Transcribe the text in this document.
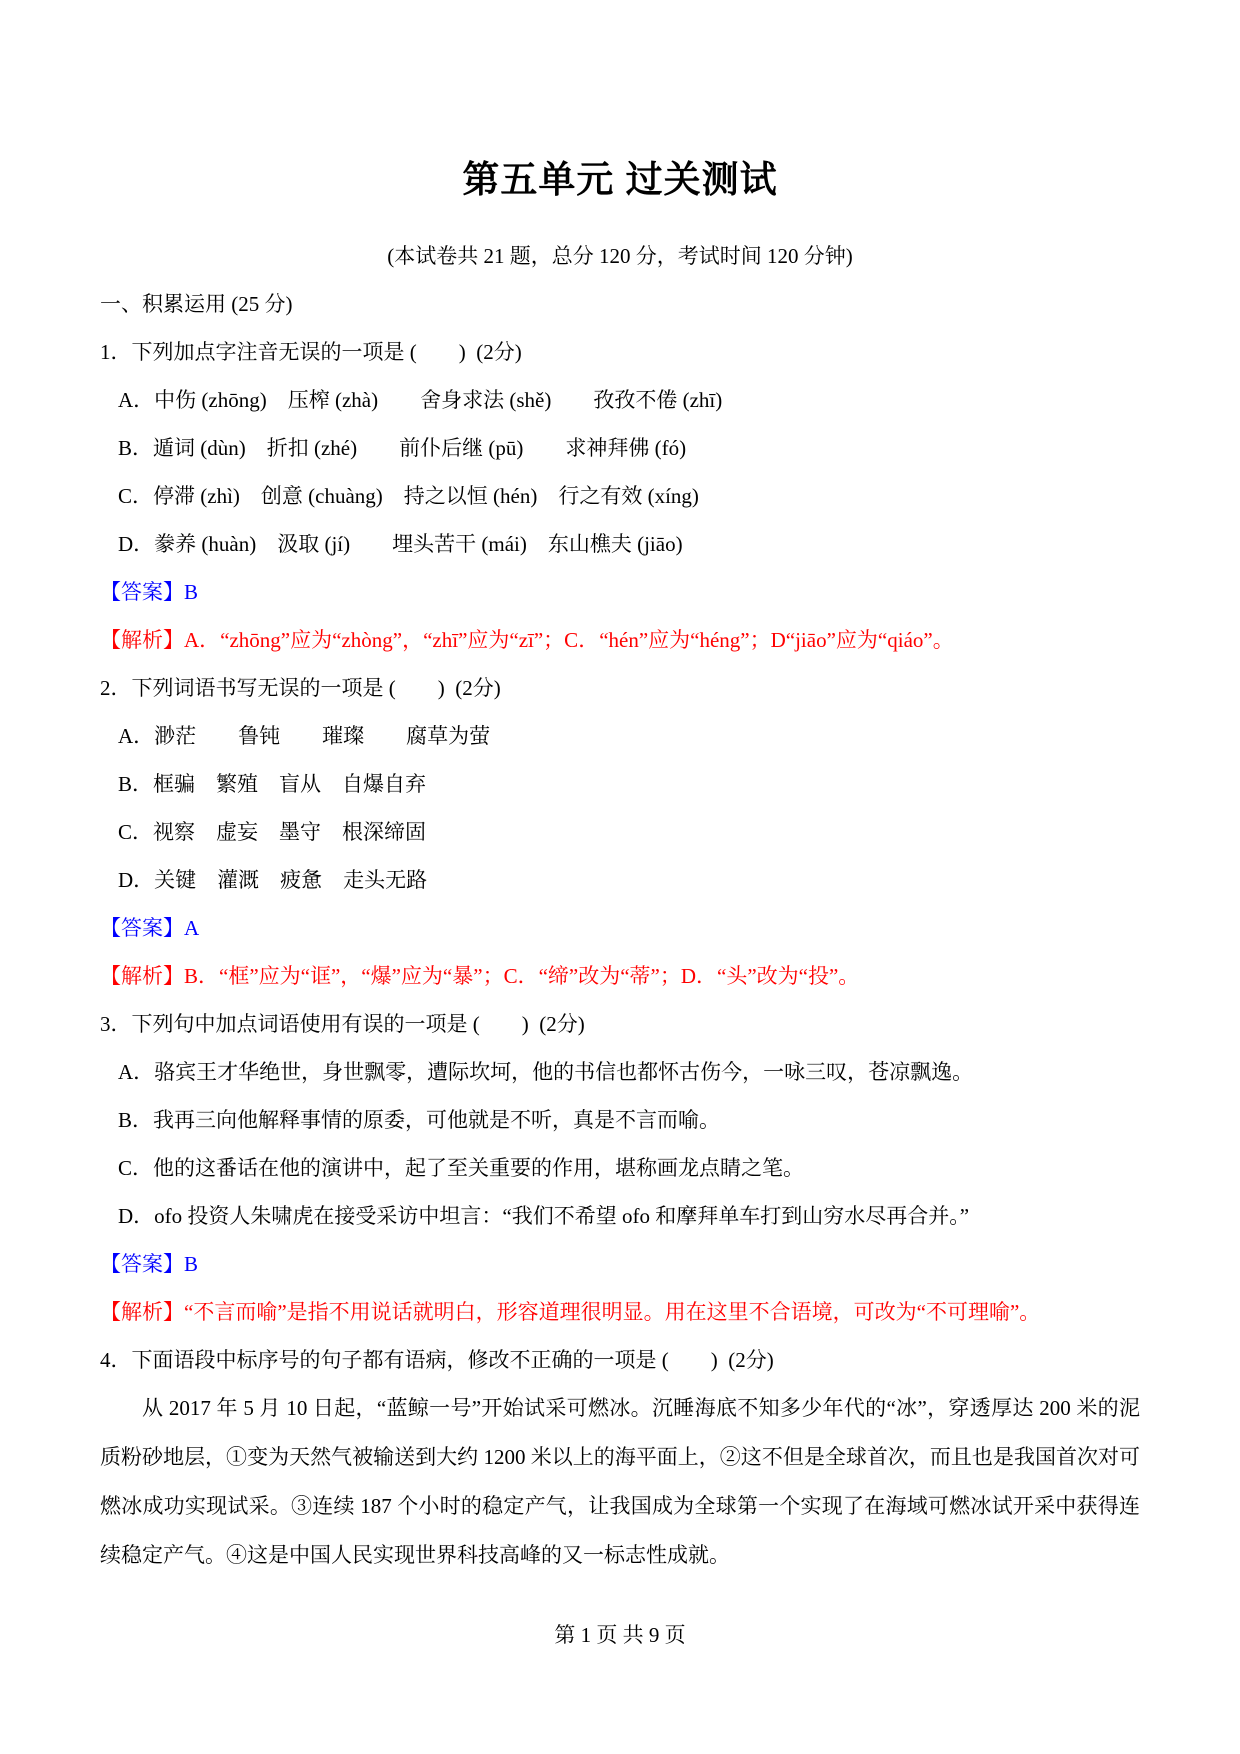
第五单元 过关测试

(本试卷共 21 题，总分 120 分，考试时间 120 分钟)

一、积累运用 (25 分)

1．下列加点字注音无误的一项是 (　　)  (2分)

A．中伤 (zhōng)　压榨 (zhà)　　舍身求法 (shě)　　孜孜不倦 (zhī)

B．遁词 (dùn)　折扣 (zhé)　　前仆后继 (pū)　　求神拜佛 (fó)

C．停滞 (zhì)　创意 (chuàng)　持之以恒 (hén)　行之有效 (xíng)

D．豢养 (huàn)　汲取 (jí)　　埋头苦干 (mái)　东山樵夫 (jiāo)

【答案】B

【解析】A．“zhōng”应为“zhòng”，“zhī”应为“zī”；C．“hén”应为“héng”；D“jiāo”应为“qiáo”。

2．下列词语书写无误的一项是 (　　)  (2分)

A．渺茫　　鲁钝　　璀璨　　腐草为萤

B．框骗　繁殖　盲从　自爆自弃

C．视察　虚妄　墨守　根深缔固

D．关键　灌溉　疲惫　走头无路

【答案】A

【解析】B．“框”应为“诓”，“爆”应为“暴”；C．“缔”改为“蒂”；D．“头”改为“投”。

3．下列句中加点词语使用有误的一项是 (　　)  (2分)

A．骆宾王才华绝世，身世飘零，遭际坎坷，他的书信也都怀古伤今，一咏三叹，苍凉飘逸。

B．我再三向他解释事情的原委，可他就是不听，真是不言而喻。

C．他的这番话在他的演讲中，起了至关重要的作用，堪称画龙点睛之笔。

D．ofo 投资人朱啸虎在接受采访中坦言：“我们不希望 ofo 和摩拜单车打到山穷水尽再合并。”

【答案】B

【解析】“不言而喻”是指不用说话就明白，形容道理很明显。用在这里不合语境，可改为“不可理喻”。

4．下面语段中标序号的句子都有语病，修改不正确的一项是 (　　)  (2分)

从 2017 年 5 月 10 日起，“蓝鲸一号”开始试采可燃冰。沉睡海底不知多少年代的“冰”，穿透厚达 200 米的泥质粉砂地层，①变为天然气被输送到大约 1200 米以上的海平面上，②这不但是全球首次，而且也是我国首次对可燃冰成功实现试采。③连续 187 个小时的稳定产气，让我国成为全球第一个实现了在海域可燃冰试开采中获得连续稳定产气。④这是中国人民实现世界科技高峰的又一标志性成就。

第 1 页 共 9 页
